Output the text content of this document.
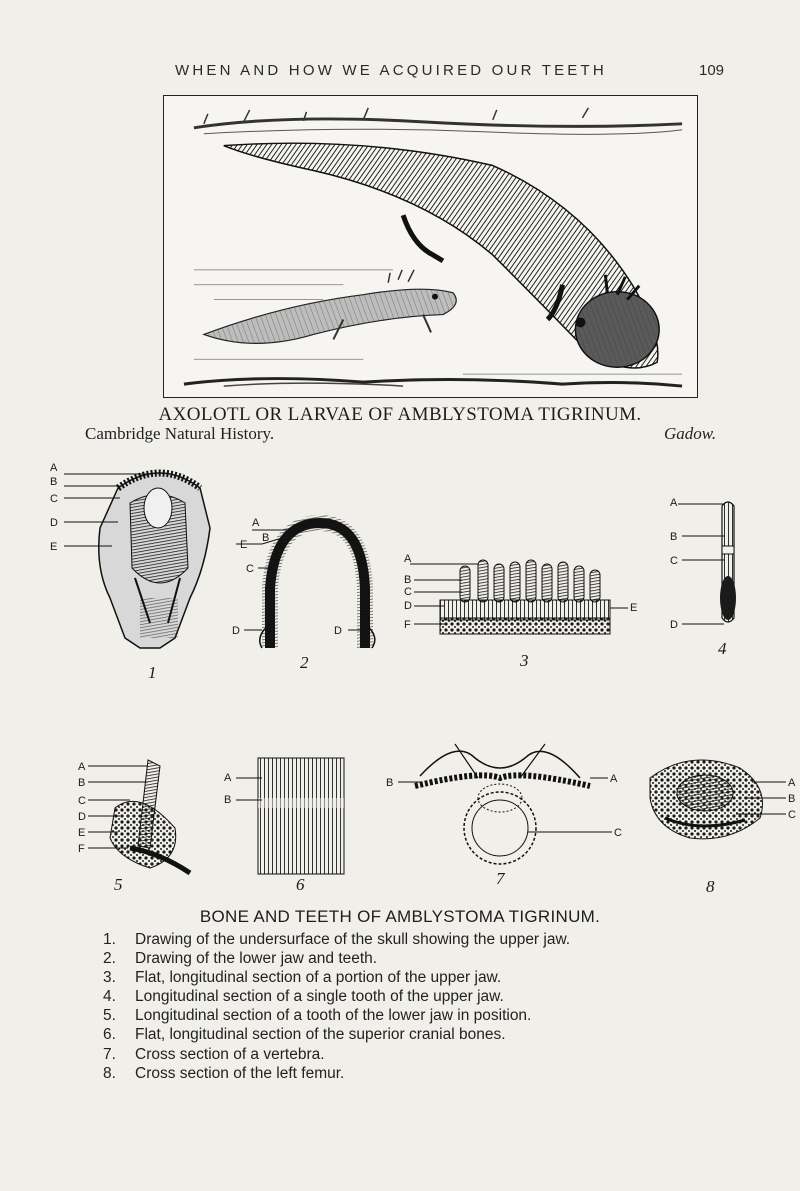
WHEN AND HOW WE ACQUIRED OUR TEETH	109
AXOLOTL OR LARVAE OF AMBLYSTOMA TIGRINUM.
Cambridge Natural History.	Gadow.
A
B
C
D
E
1
A
B
E
C
D	D
2
A
B
C
D
F
E
3
A
B
C
D
4
A
B
C
D
E
F
5
A
B
6
B	A
C
7
A
B
C
8
BONE AND TEETH OF AMBLYSTOMA TIGRINUM.
1. Drawing of the undersurface of the skull showing the upper jaw.
2. Drawing of the lower jaw and teeth.
3. Flat, longitudinal section of a portion of the upper jaw.
4. Longitudinal section of a single tooth of the upper jaw.
5. Longitudinal section of a tooth of the lower jaw in position.
6. Flat, longitudinal section of the superior cranial bones.
7. Cross section of a vertebra.
8. Cross section of the left femur.
